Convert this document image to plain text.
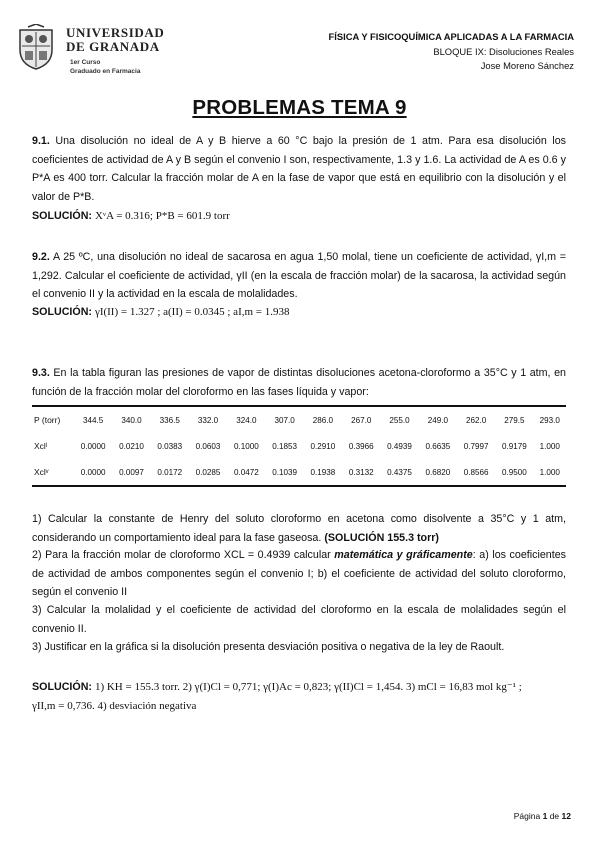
UNIVERSIDAD
DE GRANADA
1er Curso
Graduado en Farmacia
FÍSICA Y FISICOQUÍMICA APLICADAS A LA FARMACIA
BLOQUE IX: Disoluciones Reales
Jose Moreno Sánchez
PROBLEMAS TEMA 9
9.1. Una disolución no ideal de A y B hierve a 60 °C bajo la presión de 1 atm. Para esa disolución los coeficientes de actividad de A y B según el convenio I son, respectivamente, 1.3 y 1.6. La actividad de A es 0.6 y P*A es 400 torr. Calcular la fracción molar de A en la fase de vapor que está en equilibrio con la disolución y el valor de P*B.
SOLUCIÓN: XᵛA = 0.316; P*B = 601.9 torr
9.2. A 25 ºC, una disolución no ideal de sacarosa en agua 1,50 molal, tiene un coeficiente de actividad, γI,m = 1,292. Calcular el coeficiente de actividad, γII (en la escala de fracción molar) de la sacarosa, la actividad según el convenio II y la actividad en la escala de molalidades.
SOLUCIÓN: γI(II) = 1.327 ; a(II) = 0.0345 ; aI,m = 1.938
9.3. En la tabla figuran las presiones de vapor de distintas disoluciones acetona-cloroformo a 35°C y 1 atm, en función de la fracción molar del cloroformo en las fases líquida y vapor:
P (torr)	344.5	340.0	336.5	332.0	324.0	307.0	286.0	267.0	255.0	249.0	262.0	279.5	293.0
Xclˡ	0.0000	0.0210	0.0383	0.0603	0.1000	0.1853	0.2910	0.3966	0.4939	0.6635	0.7997	0.9179	1.000
Xclᵛ	0.0000	0.0097	0.0172	0.0285	0.0472	0.1039	0.1938	0.3132	0.4375	0.6820	0.8566	0.9500	1.000
1) Calcular la constante de Henry del soluto cloroformo en acetona como disolvente a 35°C y 1 atm, considerando un comportamiento ideal para la fase gaseosa. (SOLUCIÓN 155.3 torr)
2) Para la fracción molar de cloroformo XCL = 0.4939 calcular matemática y gráficamente: a) los coeficientes de actividad de ambos componentes según el convenio I; b) el coeficiente de actividad del soluto cloroformo, según el convenio II
3) Calcular la molalidad y el coeficiente de actividad del cloroformo en la escala de molalidades según el convenio II.
3) Justificar en la gráfica si la disolución presenta desviación positiva o negativa de la ley de Raoult.
SOLUCIÓN: 1) KH = 155.3 torr. 2) γ(I)Cl = 0,771; γ(I)Ac = 0,823; γ(II)Cl = 1,454. 3) mCl = 16,83 mol kg⁻¹ ;
γII,m = 0,736. 4) desviación negativa
Página 1 de 12
